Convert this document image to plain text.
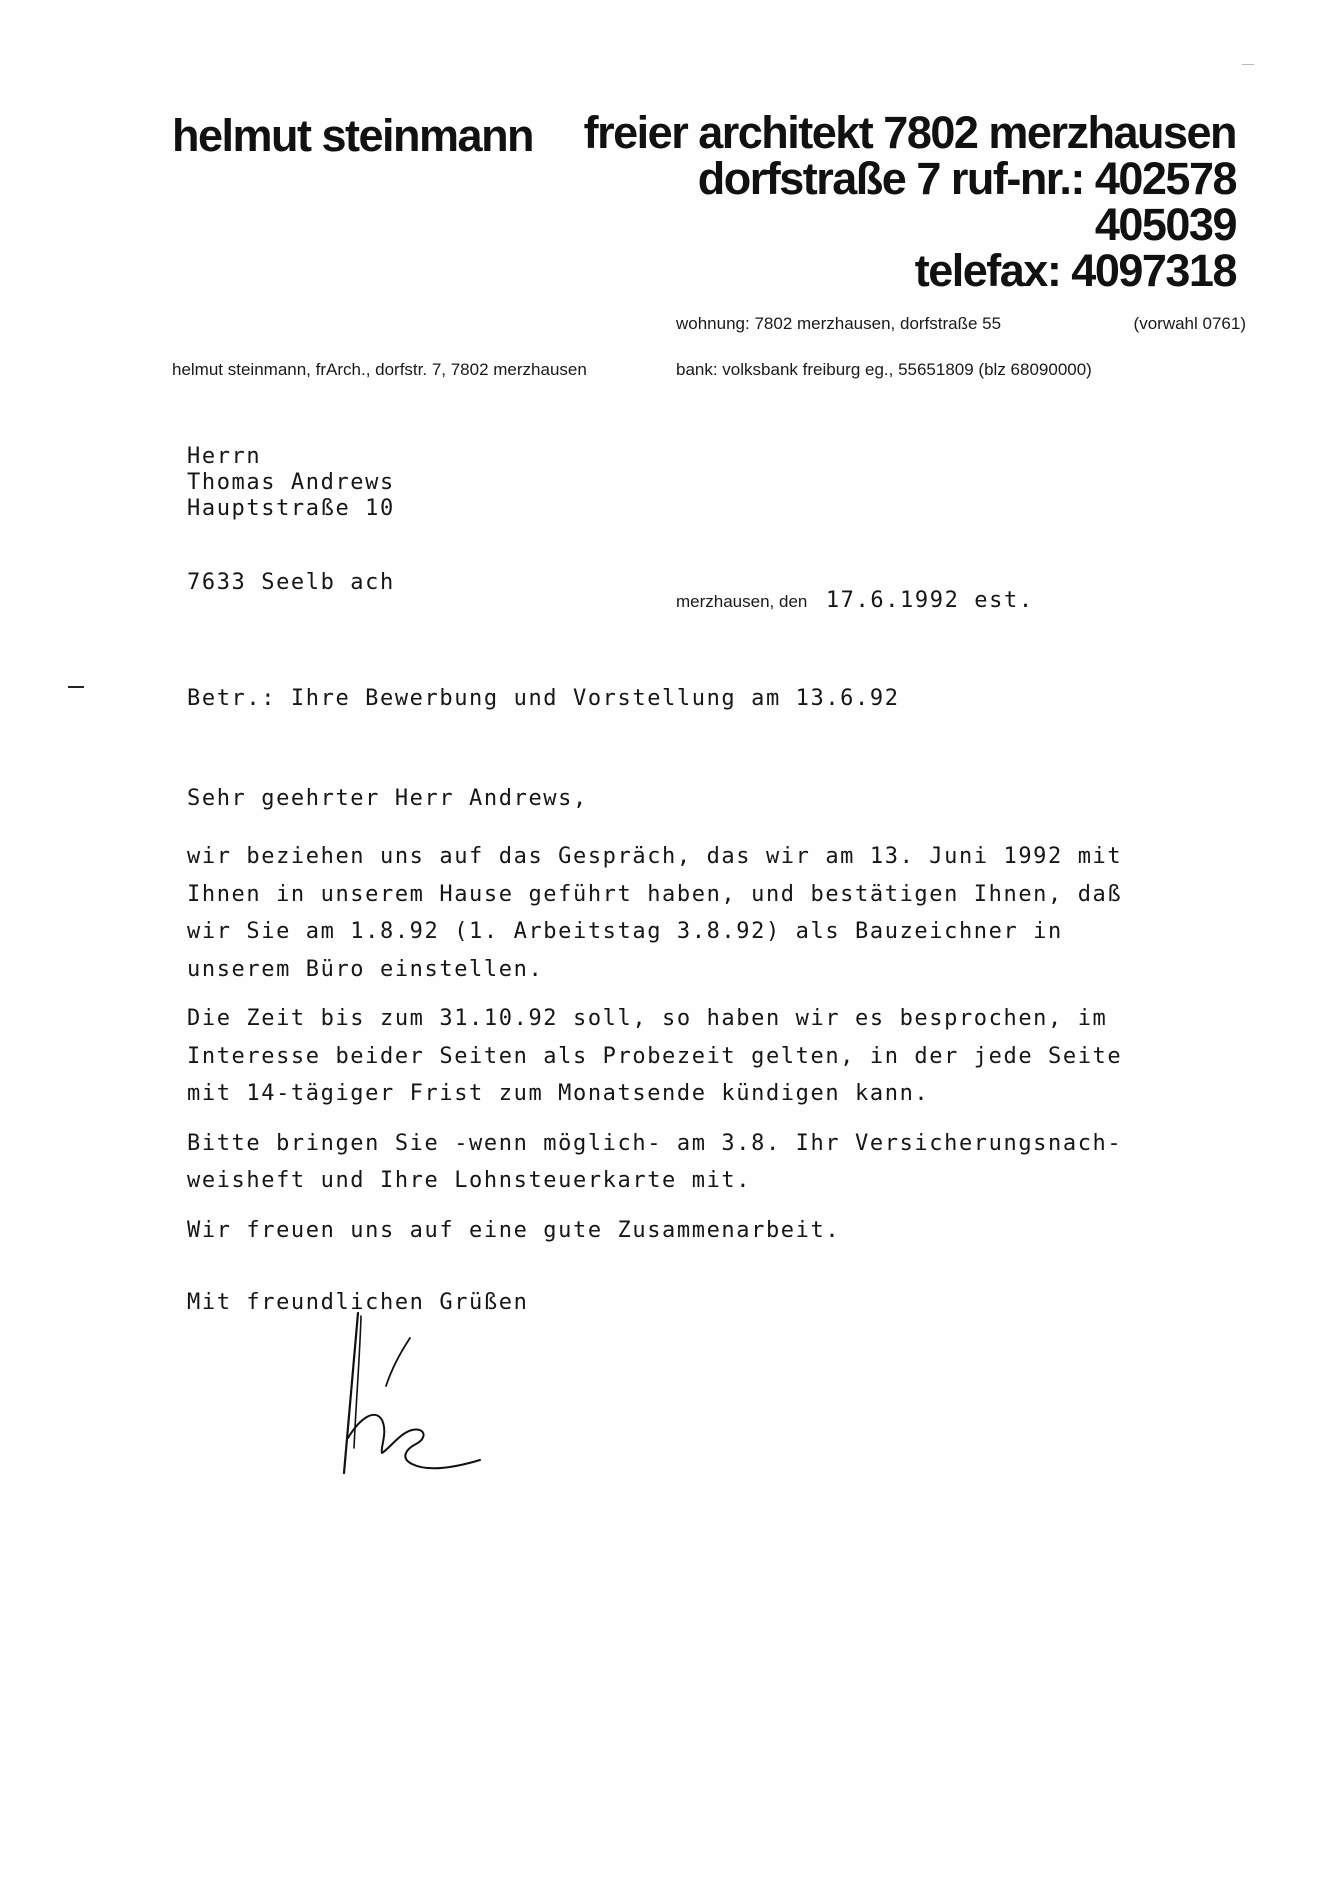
helmut steinmann freier architekt 7802 merzhausen
dorfstraße 7 ruf-nr.: 402578
405039
telefax: 4097318
wohnung: 7802 merzhausen, dorfstraße 55	(vorwahl 0761)
helmut steinmann, frArch., dorfstr. 7, 7802 merzhausen	bank: volksbank freiburg eg., 55651809 (blz 68090000)
Herrn
Thomas Andrews
Hauptstraße 10
7633 Seelb ach
merzhausen, den 17.6.1992 est.
Betr.: Ihre Bewerbung und Vorstellung am 13.6.92
Sehr geehrter Herr Andrews,
wir beziehen uns auf das Gespräch, das wir am 13. Juni 1992 mit
Ihnen in unserem Hause geführt haben, und bestätigen Ihnen, daß
wir Sie am 1.8.92 (1. Arbeitstag 3.8.92) als Bauzeichner in
unserem Büro einstellen.
Die Zeit bis zum 31.10.92 soll, so haben wir es besprochen, im
Interesse beider Seiten als Probezeit gelten, in der jede Seite
mit 14-tägiger Frist zum Monatsende kündigen kann.
Bitte bringen Sie -wenn möglich- am 3.8. Ihr Versicherungsnach-
weisheft und Ihre Lohnsteuerkarte mit.
Wir freuen uns auf eine gute Zusammenarbeit.
Mit freundlichen Grüßen
